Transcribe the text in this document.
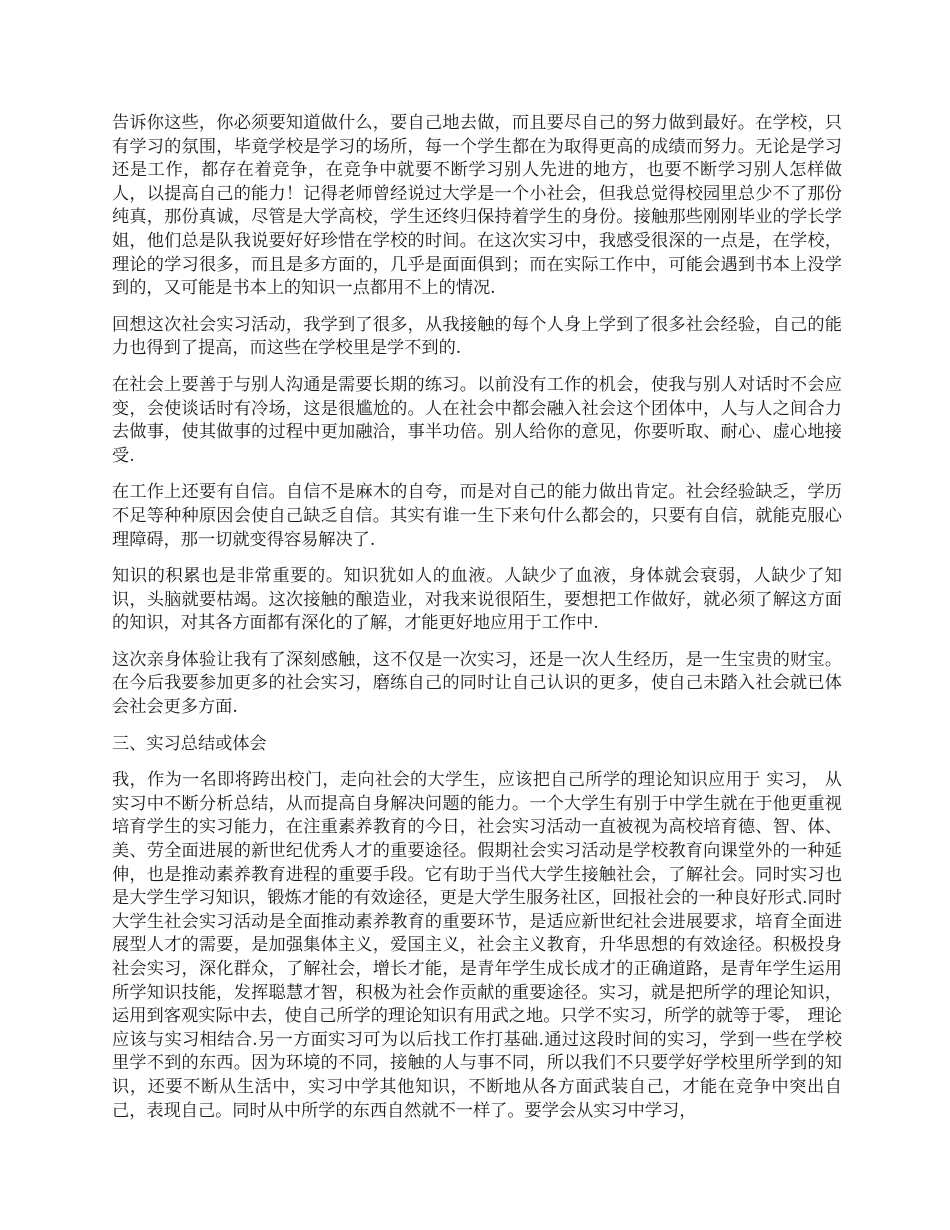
告诉你这些，你必须要知道做什么，要自己地去做，而且要尽自己的努力做到最好。在学校，只有学习的氛围，毕竟学校是学习的场所，每一个学生都在为取得更高的成绩而努力。无论是学习还是工作，都存在着竞争，在竞争中就要不断学习别人先进的地方，也要不断学习别人怎样做人，以提高自己的能力！记得老师曾经说过大学是一个小社会，但我总觉得校园里总少不了那份纯真，那份真诚，尽管是大学高校，学生还终归保持着学生的身份。接触那些刚刚毕业的学长学姐，他们总是队我说要好好珍惜在学校的时间。在这次实习中，我感受很深的一点是，在学校，理论的学习很多，而且是多方面的，几乎是面面俱到；而在实际工作中，可能会遇到书本上没学到的，又可能是书本上的知识一点都用不上的情况.

回想这次社会实习活动，我学到了很多，从我接触的每个人身上学到了很多社会经验，自己的能力也得到了提高，而这些在学校里是学不到的.

在社会上要善于与别人沟通是需要长期的练习。以前没有工作的机会，使我与别人对话时不会应变，会使谈话时有冷场，这是很尴尬的。人在社会中都会融入社会这个团体中，人与人之间合力去做事，使其做事的过程中更加融洽，事半功倍。别人给你的意见，你要听取、耐心、虚心地接受.

在工作上还要有自信。自信不是麻木的自夸，而是对自己的能力做出肯定。社会经验缺乏，学历不足等种种原因会使自己缺乏自信。其实有谁一生下来句什么都会的，只要有自信，就能克服心理障碍，那一切就变得容易解决了.

知识的积累也是非常重要的。知识犹如人的血液。人缺少了血液，身体就会衰弱，人缺少了知识，头脑就要枯竭。这次接触的酿造业，对我来说很陌生，要想把工作做好，就必须了解这方面的知识，对其各方面都有深化的了解，才能更好地应用于工作中.

这次亲身体验让我有了深刻感触，这不仅是一次实习，还是一次人生经历，是一生宝贵的财宝。在今后我要参加更多的社会实习，磨练自己的同时让自己认识的更多，使自己未踏入社会就已体会社会更多方面.

三、实习总结或体会

我，作为一名即将跨出校门，走向社会的大学生，应该把自己所学的理论知识应用于 实习， 从实习中不断分析总结，从而提高自身解决问题的能力。一个大学生有别于中学生就在于他更重视培育学生的实习能力，在注重素养教育的今日，社会实习活动一直被视为高校培育德、智、体、美、劳全面进展的新世纪优秀人才的重要途径。假期社会实习活动是学校教育向课堂外的一种延伸，也是推动素养教育进程的重要手段。它有助于当代大学生接触社会，了解社会。同时实习也是大学生学习知识，锻炼才能的有效途径，更是大学生服务社区，回报社会的一种良好形式.同时大学生社会实习活动是全面推动素养教育的重要环节，是适应新世纪社会进展要求，培育全面进展型人才的需要，是加强集体主义，爱国主义，社会主义教育，升华思想的有效途径。积极投身社会实习，深化群众，了解社会，增长才能，是青年学生成长成才的正确道路，是青年学生运用所学知识技能，发挥聪慧才智，积极为社会作贡献的重要途径。实习，就是把所学的理论知识，运用到客观实际中去，使自己所学的理论知识有用武之地。只学不实习，所学的就等于零， 理论应该与实习相结合.另一方面实习可为以后找工作打基础.通过这段时间的实习，学到一些在学校里学不到的东西。因为环境的不同，接触的人与事不同，所以我们不只要学好学校里所学到的知识，还要不断从生活中，实习中学其他知识，不断地从各方面武装自己，才能在竞争中突出自己，表现自己。同时从中所学的东西自然就不一样了。要学会从实习中学习，
